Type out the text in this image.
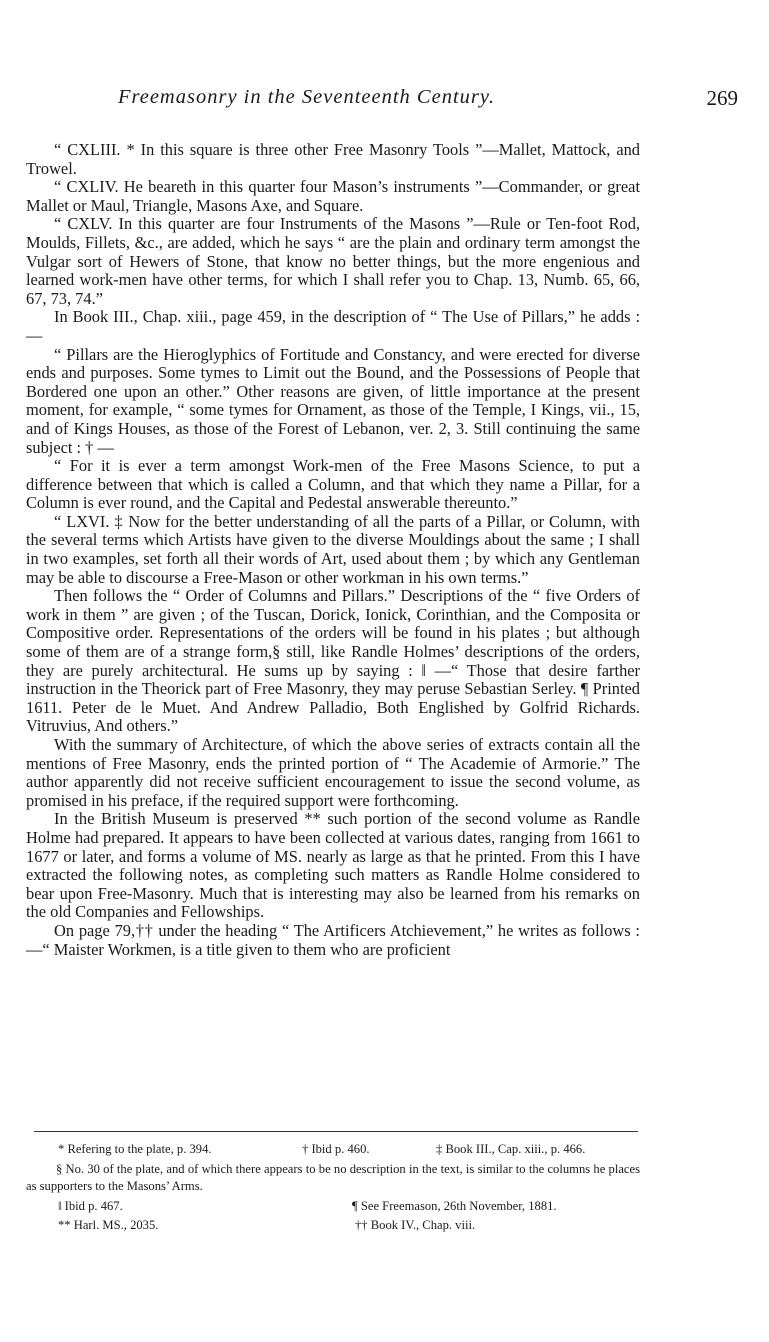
Freemasonry in the Seventeenth Century.	269

“ CXLIII. * In this square is three other Free Masonry Tools ”—Mallet, Mattock, and Trowel.

“ CXLIV. He beareth in this quarter four Mason’s instruments ”—Commander, or great Mallet or Maul, Triangle, Masons Axe, and Square.

“ CXLV. In this quarter are four Instruments of the Masons ”—Rule or Ten-foot Rod, Moulds, Fillets, &c., are added, which he says “ are the plain and ordinary term amongst the Vulgar sort of Hewers of Stone, that know no better things, but the more engenious and learned work-men have other terms, for which I shall refer you to Chap. 13, Numb. 65, 66, 67, 73, 74.”

In Book III., Chap. xiii., page 459, in the description of “ The Use of Pillars,” he adds :—

“ Pillars are the Hieroglyphics of Fortitude and Constancy, and were erected for diverse ends and purposes. Some tymes to Limit out the Bound, and the Possessions of People that Bordered one upon an other.” Other reasons are given, of little importance at the present moment, for example, “ some tymes for Ornament, as those of the Temple, I Kings, vii., 15, and of Kings Houses, as those of the Forest of Lebanon, ver. 2, 3. Still continuing the same subject : † —

“ For it is ever a term amongst Work-men of the Free Masons Science, to put a difference between that which is called a Column, and that which they name a Pillar, for a Column is ever round, and the Capital and Pedestal answerable thereunto.”

“ LXVI. ‡ Now for the better understanding of all the parts of a Pillar, or Column, with the several terms which Artists have given to the diverse Mouldings about the same ; I shall in two examples, set forth all their words of Art, used about them ; by which any Gentleman may be able to discourse a Free-Mason or other workman in his own terms.”

Then follows the “ Order of Columns and Pillars.” Descriptions of the “ five Orders of work in them ” are given ; of the Tuscan, Dorick, Ionick, Corinthian, and the Composita or Compositive order. Representations of the orders will be found in his plates ; but although some of them are of a strange form,§ still, like Randle Holmes’ descriptions of the orders, they are purely architectural. He sums up by saying : ‖ —“ Those that desire farther instruction in the Theorick part of Free Masonry, they may peruse Sebastian Serley. ¶ Printed 1611. Peter de le Muet. And Andrew Palladio, Both Englished by Golfrid Richards. Vitruvius, And others.”

With the summary of Architecture, of which the above series of extracts contain all the mentions of Free Masonry, ends the printed portion of “ The Academie of Armorie.” The author apparently did not receive sufficient encouragement to issue the second volume, as promised in his preface, if the required support were forthcoming.

In the British Museum is preserved ** such portion of the second volume as Randle Holme had prepared. It appears to have been collected at various dates, ranging from 1661 to 1677 or later, and forms a volume of MS. nearly as large as that he printed. From this I have extracted the following notes, as completing such matters as Randle Holme considered to bear upon Free-Masonry. Much that is interesting may also be learned from his remarks on the old Companies and Fellowships.

On page 79,†† under the heading “ The Artificers Atchievement,” he writes as follows :—“ Maister Workmen, is a title given to them who are proficient

* Refering to the plate, p. 394.	† Ibid p. 460.	‡ Book III., Cap. xiii., p. 466.

§ No. 30 of the plate, and of which there appears to be no description in the text, is similar to the columns he places as supporters to the Masons’ Arms.

‖ Ibid p. 467.	¶ See Freemason, 26th November, 1881.
** Harl. MS., 2035.	†† Book IV., Chap. viii.
